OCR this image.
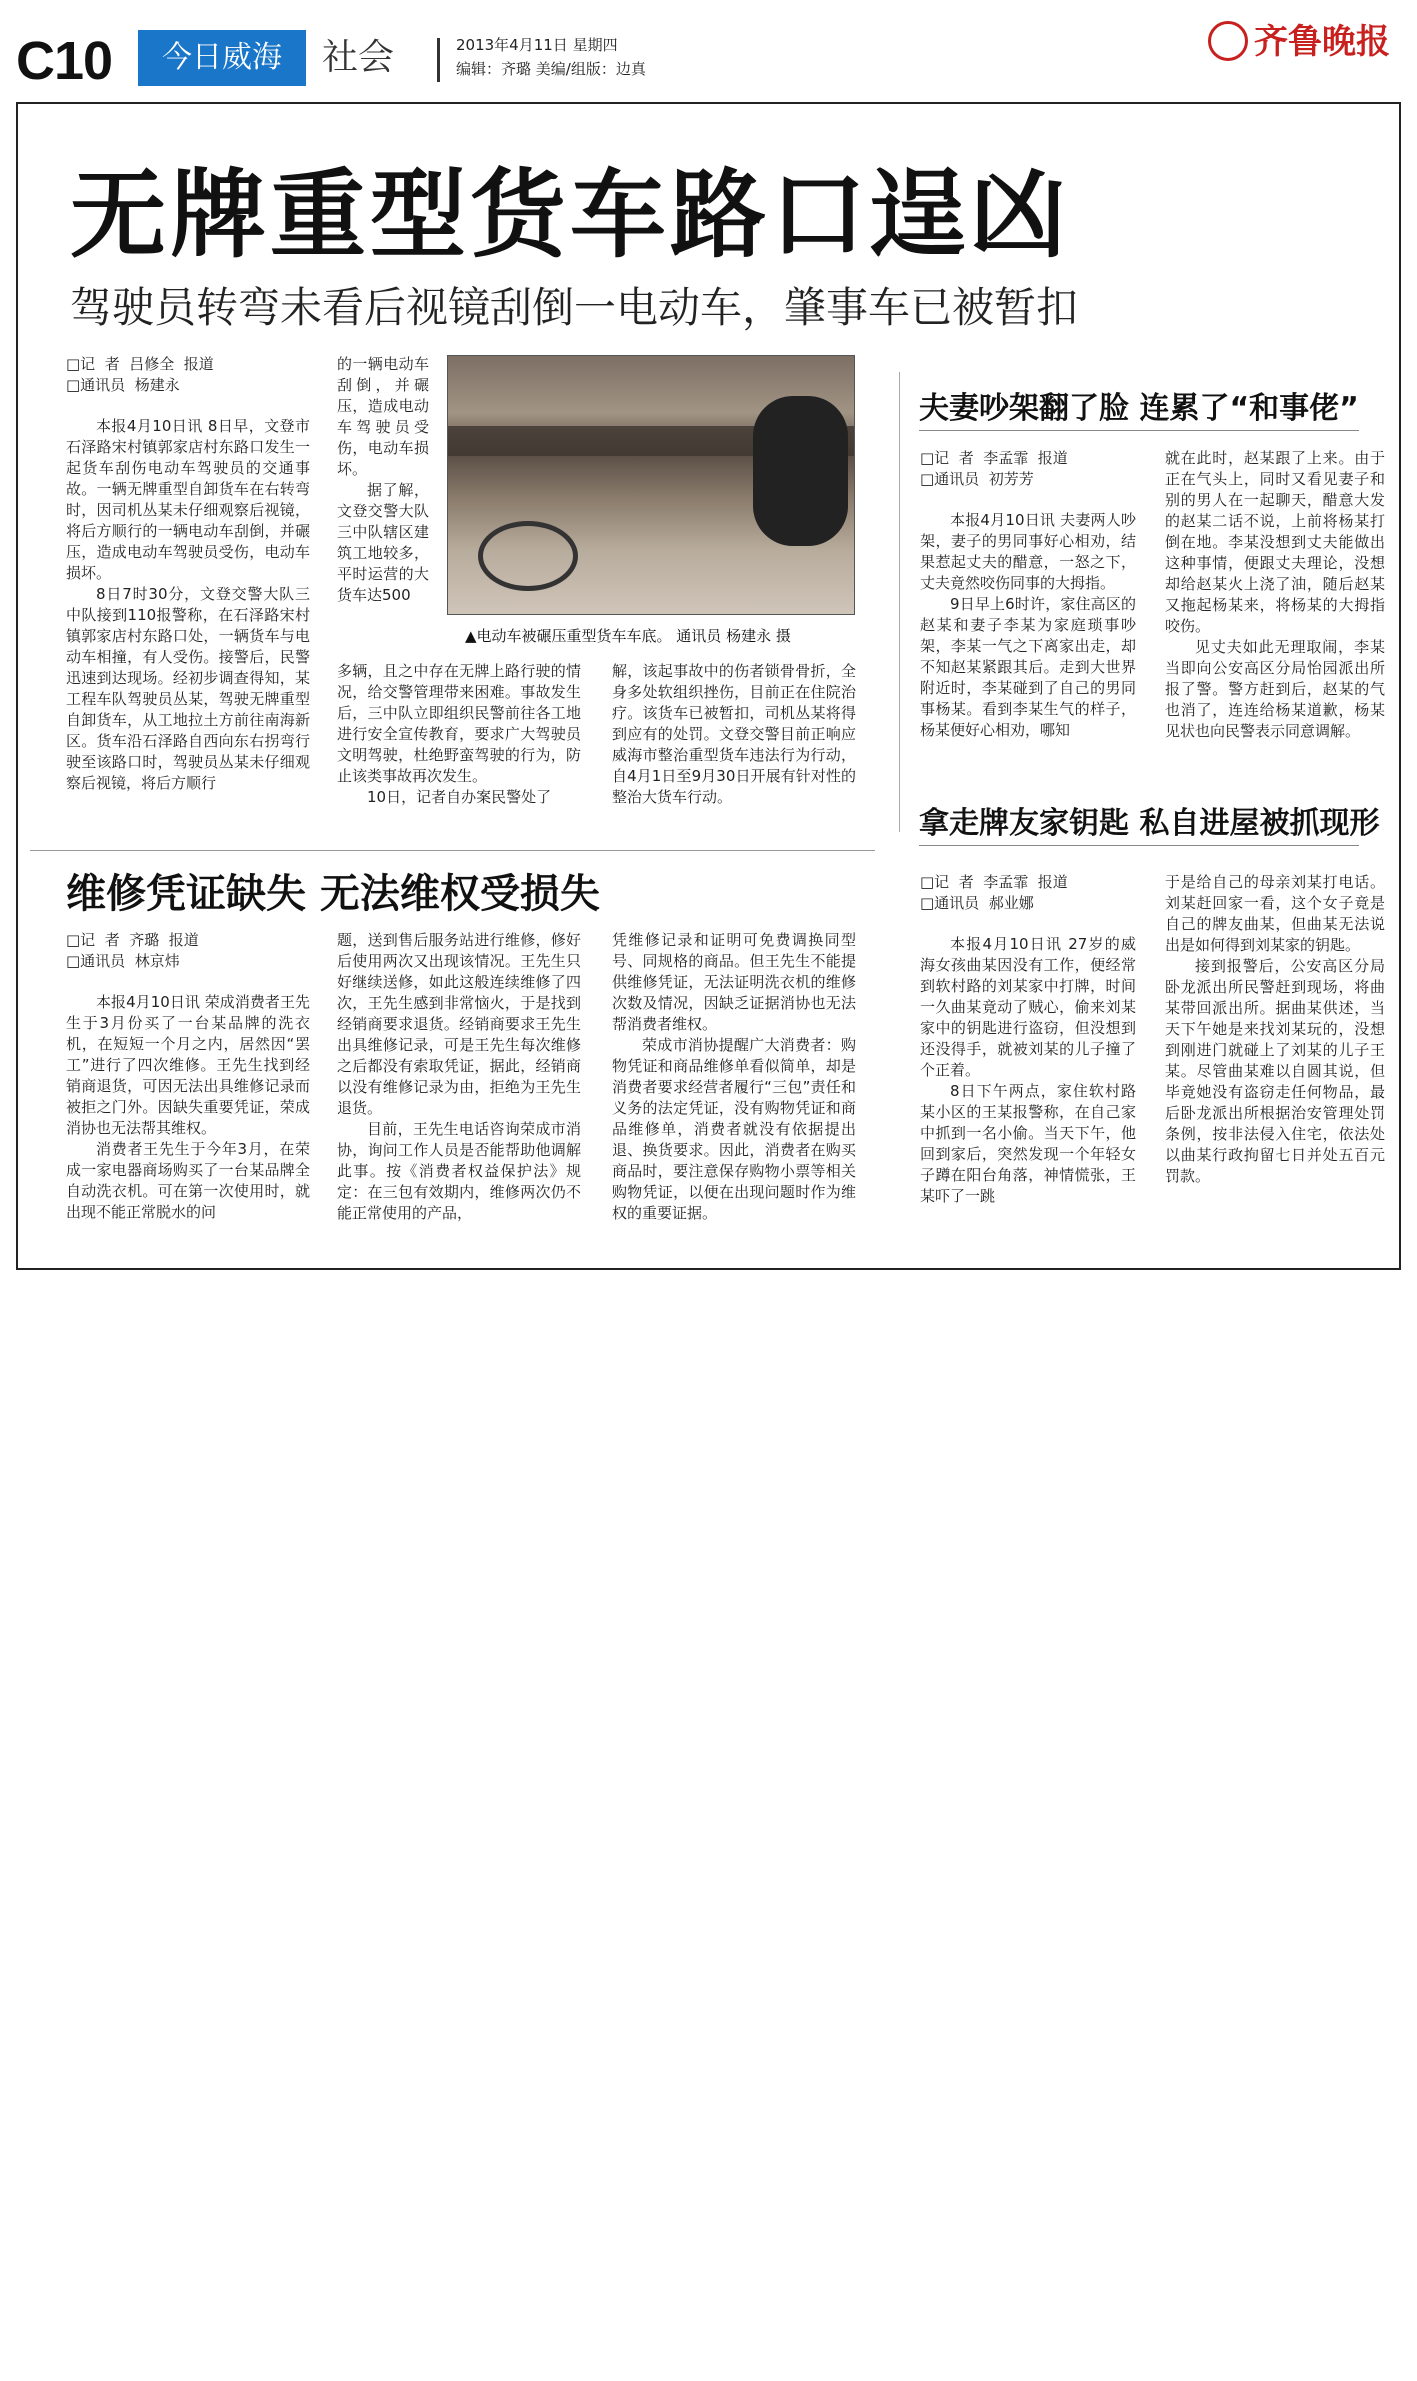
C10	今日威海	社会	2013年4月11日 星期四
编辑：齐璐 美编/组版：边真
齐鲁晚报
无牌重型货车路口逞凶
驾驶员转弯未看后视镜刮倒一电动车，肇事车已被暂扣
□记  者  吕修全  报道
□通讯员  杨建永

本报4月10日讯 8日早，文登市石泽路宋村镇郭家店村东路口发生一起货车刮伤电动车驾驶员的交通事故。一辆无牌重型自卸货车在右转弯时，因司机丛某未仔细观察后视镜，将后方顺行的一辆电动车刮倒，并碾压，造成电动车驾驶员受伤，电动车损坏。

8日7时30分，文登交警大队三中队接到110报警称，在石泽路宋村镇郭家店村东路口处，一辆货车与电动车相撞，有人受伤。接警后，民警迅速到达现场。经初步调查得知，某工程车队驾驶员丛某，驾驶无牌重型自卸货车，从工地拉土方前往南海新区。货车沿石泽路自西向东右拐弯行驶至该路口时，驾驶员丛某未仔细观察后视镜，将后方顺行

的一辆电动车刮倒，并碾压，造成电动车驾驶员受伤，电动车损坏。

据了解，文登交警大队三中队辖区建筑工地较多，平时运营的大货车达500

▲电动车被碾压重型货车车底。 通讯员 杨建永 摄

多辆，且之中存在无牌上路行驶的情况，给交警管理带来困难。事故发生后，三中队立即组织民警前往各工地进行安全宣传教育，要求广大驾驶员文明驾驶，杜绝野蛮驾驶的行为，防止该类事故再次发生。

10日，记者自办案民警处了

解，该起事故中的伤者锁骨骨折，全身多处软组织挫伤，目前正在住院治疗。该货车已被暂扣，司机丛某将得到应有的处罚。文登交警目前正响应威海市整治重型货车违法行为行动，自4月1日至9月30日开展有针对性的整治大货车行动。

夫妻吵架翻了脸 连累了“和事佬”
□记  者  李孟霏  报道
□通讯员  初芳芳

本报4月10日讯 夫妻两人吵架，妻子的男同事好心相劝，结果惹起丈夫的醋意，一怒之下，丈夫竟然咬伤同事的大拇指。

9日早上6时许，家住高区的赵某和妻子李某为家庭琐事吵架，李某一气之下离家出走，却不知赵某紧跟其后。走到大世界附近时，李某碰到了自己的男同事杨某。看到李某生气的样子，杨某便好心相劝，哪知

就在此时，赵某跟了上来。由于正在气头上，同时又看见妻子和别的男人在一起聊天，醋意大发的赵某二话不说，上前将杨某打倒在地。李某没想到丈夫能做出这种事情，便跟丈夫理论，没想却给赵某火上浇了油，随后赵某又拖起杨某来，将杨某的大拇指咬伤。

见丈夫如此无理取闹，李某当即向公安高区分局怡园派出所报了警。警方赶到后，赵某的气也消了，连连给杨某道歉，杨某见状也向民警表示同意调解。

维修凭证缺失 无法维权受损失
□记  者  齐璐  报道
□通讯员  林京炜

本报4月10日讯 荣成消费者王先生于3月份买了一台某品牌的洗衣机，在短短一个月之内，居然因“罢工”进行了四次维修。王先生找到经销商退货，可因无法出具维修记录而被拒之门外。因缺失重要凭证，荣成消协也无法帮其维权。

消费者王先生于今年3月，在荣成一家电器商场购买了一台某品牌全自动洗衣机。可在第一次使用时，就出现不能正常脱水的问

题，送到售后服务站进行维修，修好后使用两次又出现该情况。王先生只好继续送修，如此这般连续维修了四次，王先生感到非常恼火，于是找到经销商要求退货。经销商要求王先生出具维修记录，可是王先生每次维修之后都没有索取凭证，据此，经销商以没有维修记录为由，拒绝为王先生退货。

目前，王先生电话咨询荣成市消协，询问工作人员是否能帮助他调解此事。按《消费者权益保护法》规定：在三包有效期内，维修两次仍不能正常使用的产品，

凭维修记录和证明可免费调换同型号、同规格的商品。但王先生不能提供维修凭证，无法证明洗衣机的维修次数及情况，因缺乏证据消协也无法帮消费者维权。

荣成市消协提醒广大消费者：购物凭证和商品维修单看似简单，却是消费者要求经营者履行“三包”责任和义务的法定凭证，没有购物凭证和商品维修单，消费者就没有依据提出退、换货要求。因此，消费者在购买商品时，要注意保存购物小票等相关购物凭证，以便在出现问题时作为维权的重要证据。

拿走牌友家钥匙 私自进屋被抓现形
□记  者  李孟霏  报道
□通讯员  郝业娜

本报4月10日讯 27岁的威海女孩曲某因没有工作，便经常到软村路的刘某家中打牌，时间一久曲某竟动了贼心，偷来刘某家中的钥匙进行盗窃，但没想到还没得手，就被刘某的儿子撞了个正着。

8日下午两点，家住软村路某小区的王某报警称，在自己家中抓到一名小偷。当天下午，他回到家后，突然发现一个年轻女子蹲在阳台角落，神情慌张，王某吓了一跳

于是给自己的母亲刘某打电话。刘某赶回家一看，这个女子竟是自己的牌友曲某，但曲某无法说出是如何得到刘某家的钥匙。

接到报警后，公安高区分局卧龙派出所民警赶到现场，将曲某带回派出所。据曲某供述，当天下午她是来找刘某玩的，没想到刚进门就碰上了刘某的儿子王某。尽管曲某难以自圆其说，但毕竟她没有盗窃走任何物品，最后卧龙派出所根据治安管理处罚条例，按非法侵入住宅，依法处以曲某行政拘留七日并处五百元罚款。
